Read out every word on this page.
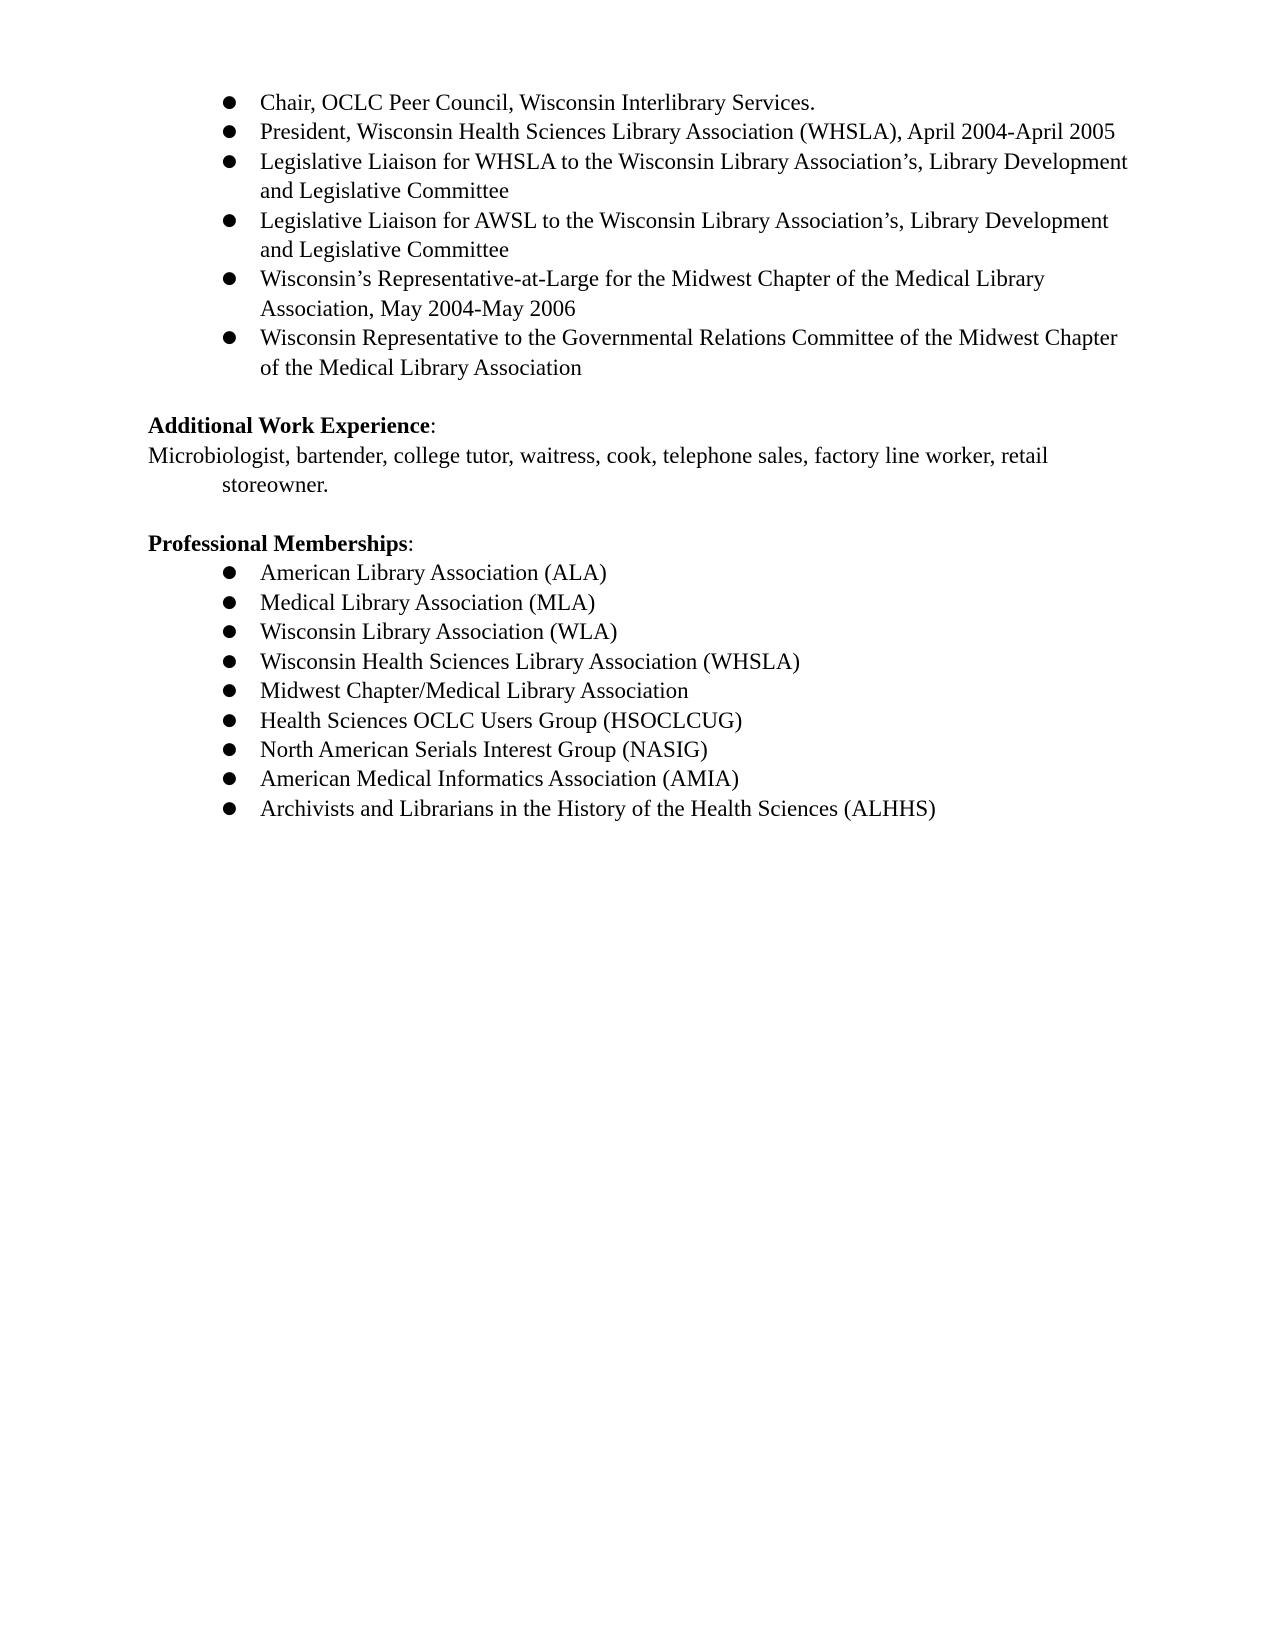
● Chair, OCLC Peer Council, Wisconsin Interlibrary Services.
● President, Wisconsin Health Sciences Library Association (WHSLA), April 2004-April 2005
● Legislative Liaison for WHSLA to the Wisconsin Library Association’s, Library Development and Legislative Committee
● Legislative Liaison for AWSL to the Wisconsin Library Association’s, Library Development and Legislative Committee
● Wisconsin’s Representative-at-Large for the Midwest Chapter of the Medical Library Association, May 2004-May 2006
● Wisconsin Representative to the Governmental Relations Committee of the Midwest Chapter of the Medical Library Association
Additional Work Experience:

Microbiologist, bartender, college tutor, waitress, cook, telephone sales, factory line worker, retail storeowner.

Professional Memberships:
● American Library Association (ALA)
● Medical Library Association (MLA)
● Wisconsin Library Association (WLA)
● Wisconsin Health Sciences Library Association (WHSLA)
● Midwest Chapter/Medical Library Association
● Health Sciences OCLC Users Group (HSOCLCUG)
● North American Serials Interest Group (NASIG)
● American Medical Informatics Association (AMIA)
● Archivists and Librarians in the History of the Health Sciences (ALHHS)
